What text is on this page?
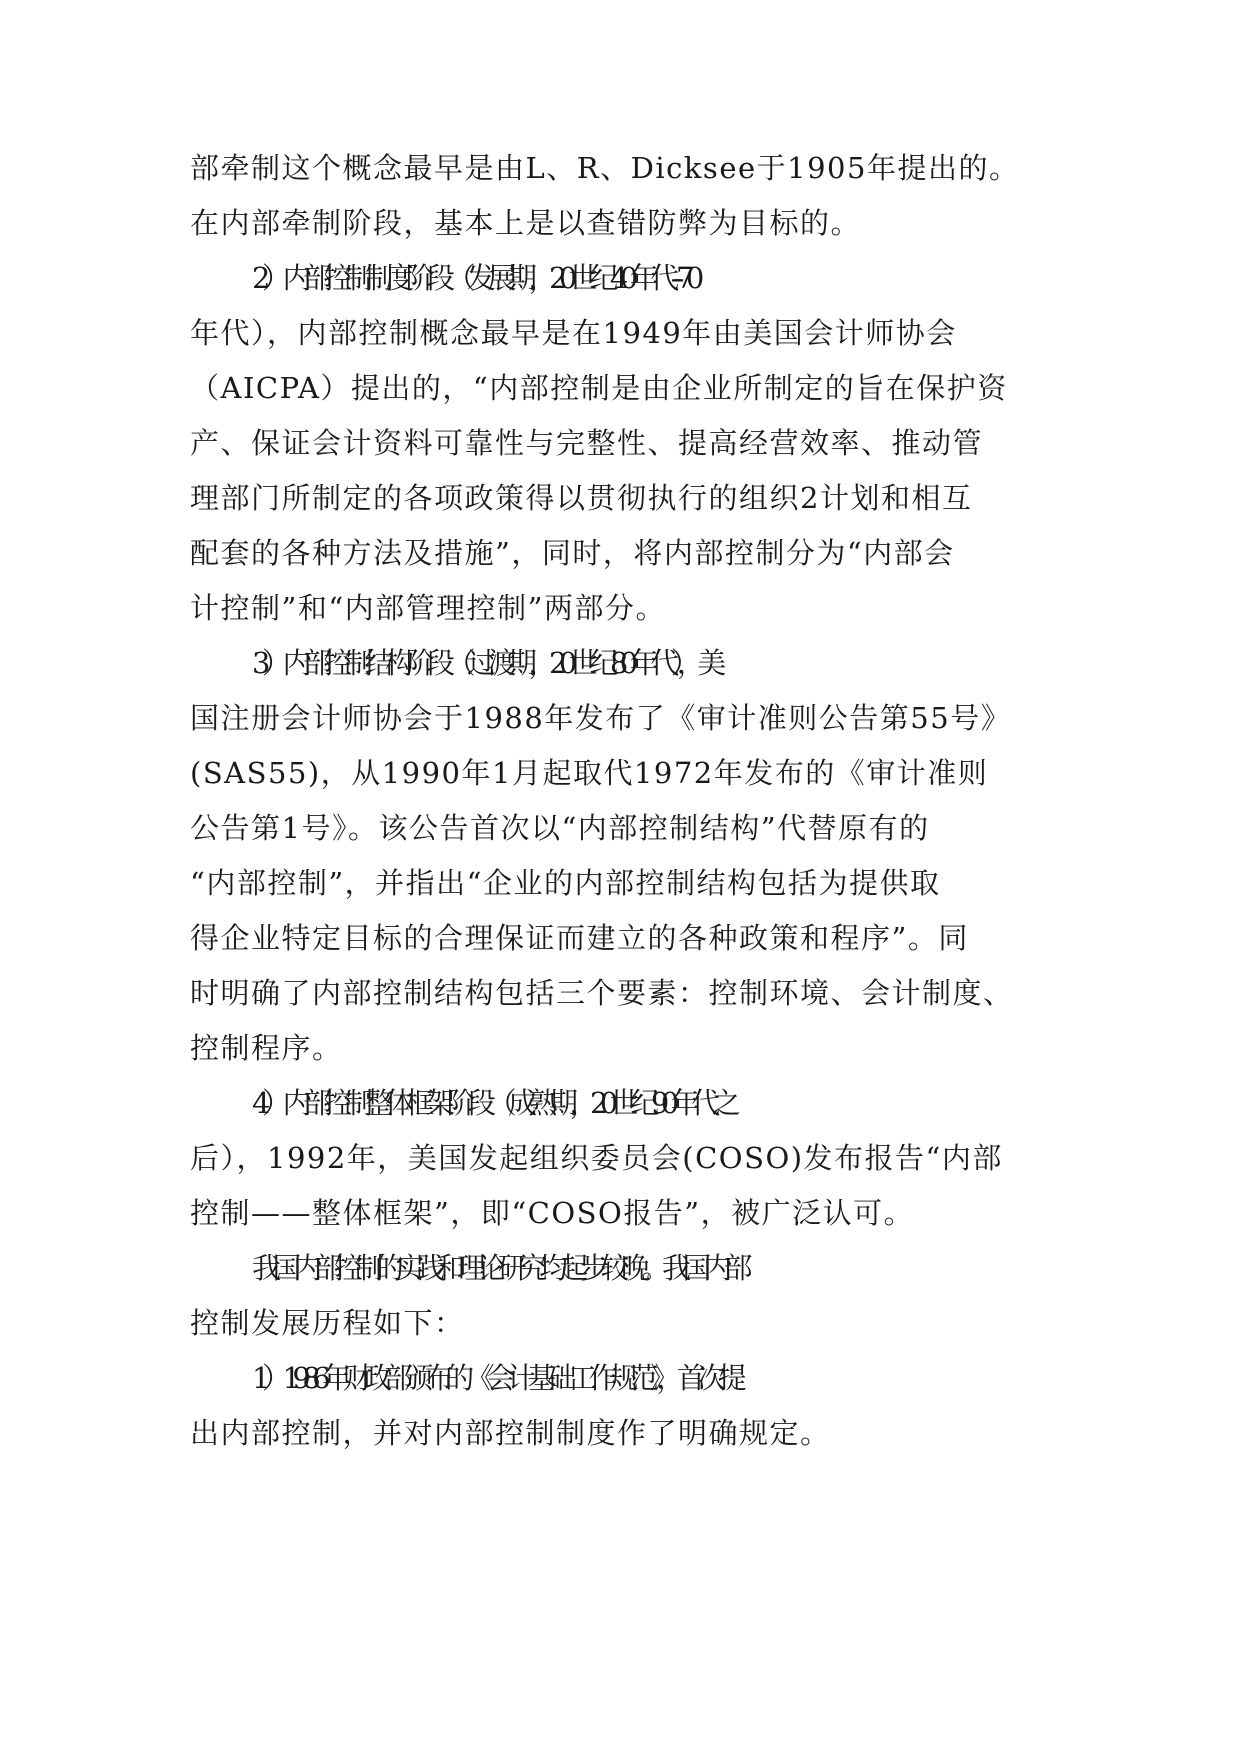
部牵制这个概念最早是由L、R、Dicksee于1905年提出的。
在内部牵制阶段，基本上是以查错防弊为目标的。
2）内部控制制度阶段（发展期，20世纪40年代----70
年代），内部控制概念最早是在1949年由美国会计师协会
（AICPA）提出的，“内部控制是由企业所制定的旨在保护资
产、保证会计资料可靠性与完整性、提高经营效率、推动管
理部门所制定的各项政策得以贯彻执行的组织2计划和相互
配套的各种方法及措施”，同时，将内部控制分为“内部会
计控制”和“内部管理控制”两部分。
3）内部控制结构阶段（过渡期，20世纪80年代），美
国注册会计师协会于1988年发布了《审计准则公告第55号》
(SAS55)，从1990年1月起取代1972年发布的《审计准则
公告第1号》。该公告首次以“内部控制结构”代替原有的
“内部控制”，并指出“企业的内部控制结构包括为提供取
得企业特定目标的合理保证而建立的各种政策和程序”。同
时明确了内部控制结构包括三个要素：控制环境、会计制度、
控制程序。
4）内部控制整体框架阶段（成熟期，20世纪90年代之
后），1992年，美国发起组织委员会(COSO)发布报告“内部
控制——整体框架”，即“COSO报告”，被广泛认可。
我国内部控制的实践和理论研究均起步较晚。我国内部
控制发展历程如下：
1）1986年财政部颁布的《会计基础工作规范》，首次提
出内部控制，并对内部控制制度作了明确规定。
